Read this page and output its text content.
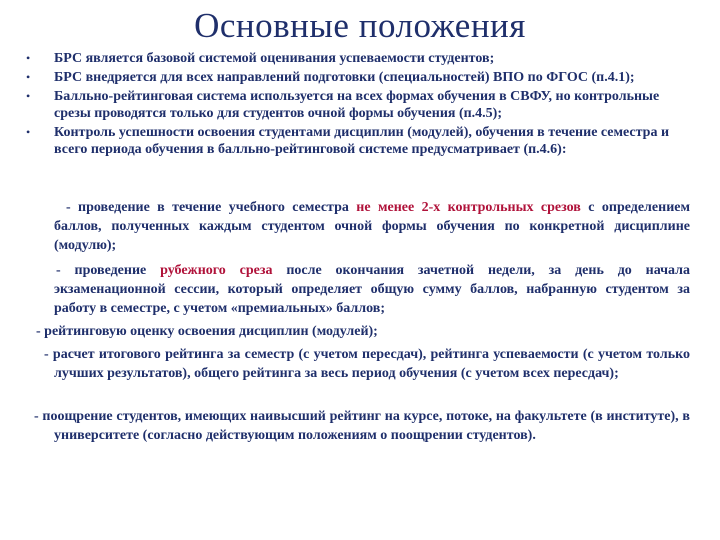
Основные положения
• БРС является базовой системой оценивания успеваемости студентов;
• БРС внедряется для всех направлений подготовки (специальностей) ВПО по ФГОС (п.4.1);
• Балльно-рейтинговая система используется на всех формах обучения в СВФУ, но контрольные срезы проводятся только для студентов очной формы обучения (п.4.5);
• Контроль успешности освоения студентами дисциплин (модулей), обучения в течение семестра и всего периода обучения в балльно-рейтинговой системе предусматривает (п.4.6):

- проведение в течение учебного семестра не менее 2-х контрольных срезов с определением баллов, полученных каждым студентом очной формы обучения по конкретной дисциплине (модулю);

- проведение рубежного среза после окончания зачетной недели, за день до начала экзаменационной сессии, который определяет общую сумму баллов, набранную студентом за работу в семестре, с учетом «премиальных» баллов;

- рейтинговую оценку освоения дисциплин (модулей);

- расчет итогового рейтинга за семестр (с учетом пересдач), рейтинга успеваемости (с учетом только лучших результатов), общего рейтинга за весь период обучения (с учетом всех пересдач);

- поощрение студентов, имеющих наивысший рейтинг на курсе, потоке, на факультете (в институте), в университете (согласно действующим положениям о поощрении студентов).
